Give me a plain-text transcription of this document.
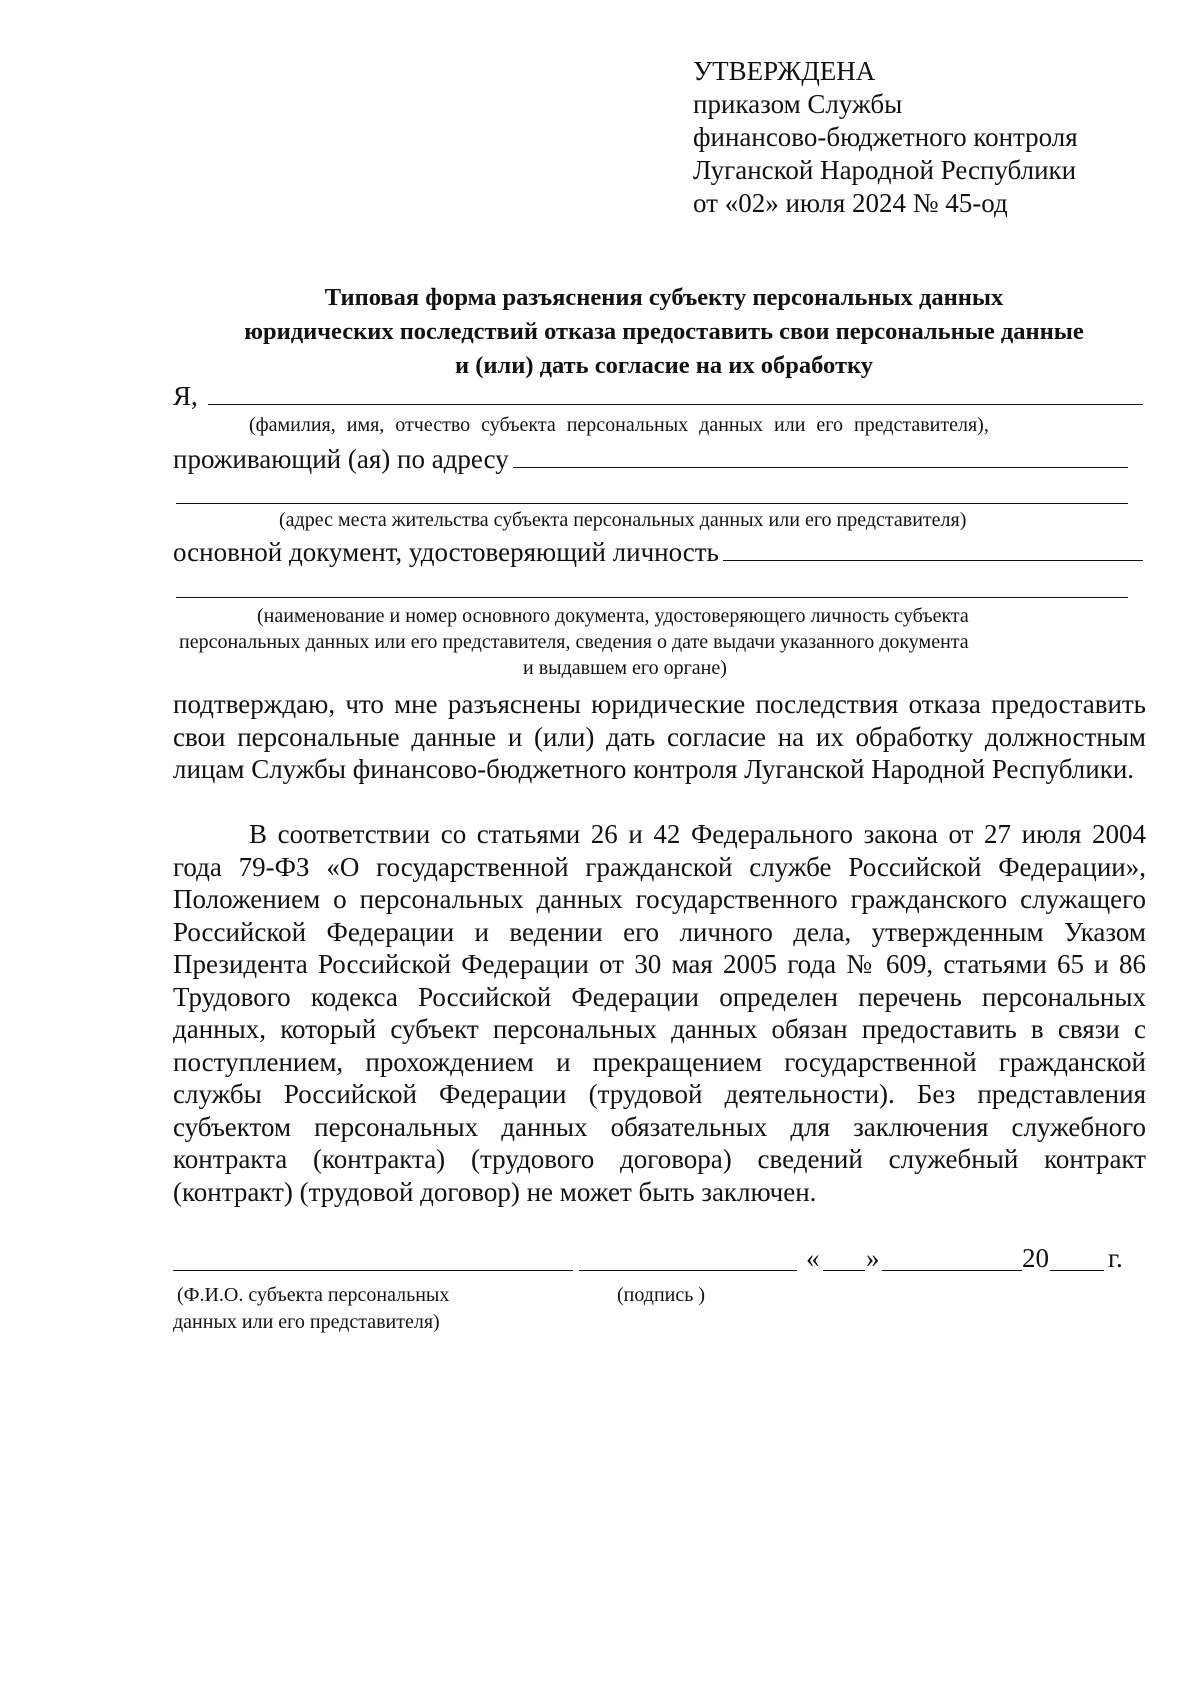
УТВЕРЖДЕНА
приказом Службы
финансово-бюджетного контроля
Луганской Народной Республики
от «02» июля 2024 № 45-од
Типовая форма разъяснения субъекту персональных данных
юридических последствий отказа предоставить свои персональные данные
и (или) дать согласие на их обработку
Я,
(фамилия, имя, отчество субъекта персональных данных или его представителя),
проживающий (ая) по адресу
(адрес места жительства субъекта персональных данных или его представителя)
основной документ, удостоверяющий личность
(наименование и номер основного документа, удостоверяющего личность субъекта
персональных данных или его представителя, сведения о дате выдачи указанного документа
и выдавшем его органе)
подтверждаю, что мне разъяснены юридические последствия отказа предоставить свои персональные данные и (или) дать согласие на их обработку должностным лицам Службы финансово-бюджетного контроля Луганской Народной Республики.
В соответствии со статьями 26 и 42 Федерального закона от 27 июля 2004 года 79-ФЗ «О государственной гражданской службе Российской Федерации», Положением о персональных данных государственного гражданского служащего Российской Федерации и ведении его личного дела, утвержденным Указом Президента Российской Федерации от 30 мая 2005 года № 609, статьями 65 и 86 Трудового кодекса Российской Федерации определен перечень персональных данных, который субъект персональных данных обязан предоставить в связи с поступлением, прохождением и прекращением государственной гражданской службы Российской Федерации (трудовой деятельности). Без представления субъектом персональных данных обязательных для заключения служебного контракта (контракта) (трудового договора) сведений служебный контракт (контракт) (трудовой договор) не может быть заключен.
« »	20 г.
(Ф.И.О. субъекта персональных
данных или его представителя)
(подпись )
